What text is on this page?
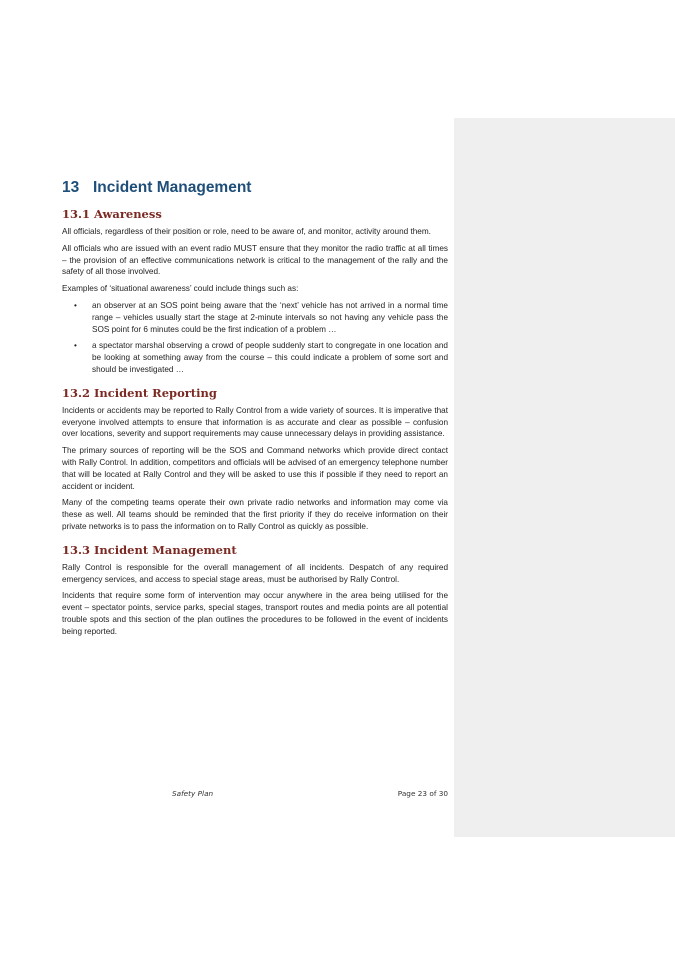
13 Incident Management
13.1 Awareness

All officials, regardless of their position or role, need to be aware of, and monitor, activity around them.

All officials who are issued with an event radio MUST ensure that they monitor the radio traffic at all times – the provision of an effective communications network is critical to the management of the rally and the safety of all those involved.

Examples of ‘situational awareness’ could include things such as:

• an observer at an SOS point being aware that the ‘next’ vehicle has not arrived in a normal time range – vehicles usually start the stage at 2-minute intervals so not having any vehicle pass the SOS point for 6 minutes could be the first indication of a problem …
• a spectator marshal observing a crowd of people suddenly start to congregate in one location and be looking at something away from the course – this could indicate a problem of some sort and should be investigated …
13.2 Incident Reporting

Incidents or accidents may be reported to Rally Control from a wide variety of sources. It is imperative that everyone involved attempts to ensure that information is as accurate and clear as possible – confusion over locations, severity and support requirements may cause unnecessary delays in providing assistance.

The primary sources of reporting will be the SOS and Command networks which provide direct contact with Rally Control. In addition, competitors and officials will be advised of an emergency telephone number that will be located at Rally Control and they will be asked to use this if possible if they need to report an accident or incident.

Many of the competing teams operate their own private radio networks and information may come via these as well. All teams should be reminded that the first priority if they do receive information on their private networks is to pass the information on to Rally Control as quickly as possible.

13.3 Incident Management

Rally Control is responsible for the overall management of all incidents. Despatch of any required emergency services, and access to special stage areas, must be authorised by Rally Control.

Incidents that require some form of intervention may occur anywhere in the area being utilised for the event – spectator points, service parks, special stages, transport routes and media points are all potential trouble spots and this section of the plan outlines the procedures to be followed in the event of incidents being reported.

Safety Plan	Page 23 of 30
